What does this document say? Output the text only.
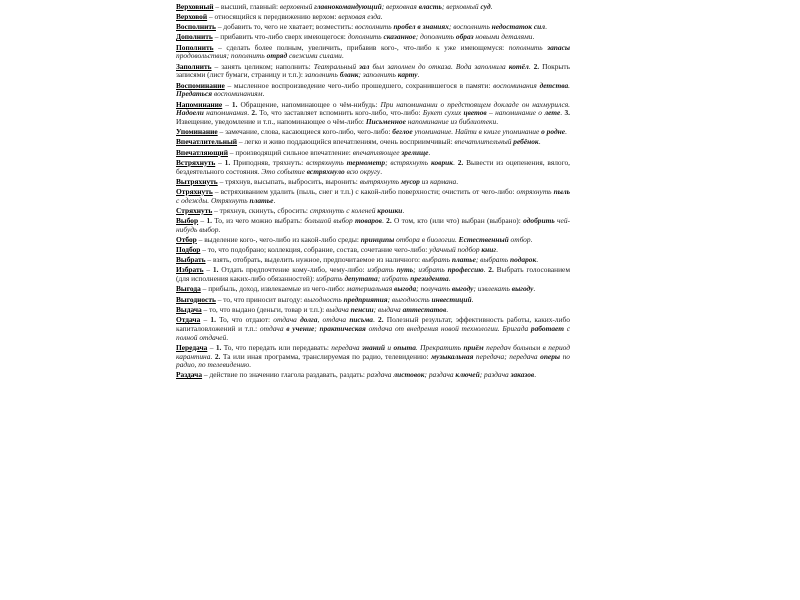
Верховный – высший, главный: верховный главнокомандующий; верховная власть; верховный суд.

Верховой – относящийся к передвижению верхом: верховая езда.

Восполнить – добавить то, чего не хватает; возместить: восполнить пробел в знаниях; восполнить недостаток сил.

Дополнить – прибавить что-либо сверх имеющегося: дополнить сказанное; дополнить образ новыми деталями.

Пополнить – сделать более полным, увеличить, прибавив кого-, что-либо к уже имеющемуся: пополнить запасы продовольствия; пополнить отряд свежими силами.

Заполнить – занять целиком; наполнить: Театральный зал был заполнен до отказа. Вода заполнила котёл. 2. Покрыть записями (лист бумаги, страницу и т.п.): заполнить бланк; заполнить карту.

Воспоминание – мысленное воспроизведение чего-либо прошедшего, сохранившегося в памяти: воспоминания детства. Предаться воспоминаниям.

Напоминание – 1. Обращение, напоминающее о чём-нибудь: При напоминании о предстоящем докладе он нахмурился. Надоели напоминания. 2. То, что заставляет вспомнить кого-либо, что-либо: Букет сухих цветов – напоминание о лете. 3. Извещение, уведомление и т.п., напоминающее о чём-либо: Письменное напоминание из библиотеки.

Упоминание – замечание, слова, касающиеся кого-либо, чего-либо: беглое упоминание. Найти в книге упоминание о родне.

Впечатлительный – легко и живо поддающийся впечатлениям, очень восприимчивый: впечатлительный ребёнок.

Впечатляющий – производящий сильное впечатление: впечатляющее зрелище.

Встряхнуть – 1. Приподняв, тряхнуть: встряхнуть термометр; встряхнуть коврик. 2. Вывести из оцепенения, вялого, бездеятельного состояния. Это событие встряхнуло всю округу.

Вытряхнуть – тряхнув, высыпать, выбросить, выронить: вытряхнуть мусор из кармана.

Отряхнуть – встряхиванием удалить (пыль, снег и т.п.) с какой-либо поверхности; очистить от чего-либо: отряхнуть пыль с одежды. Отряхнуть платье.

Стряхнуть – тряхнув, скинуть, сбросить: стряхнуть с коленей крошки.

Выбор – 1. То, из чего можно выбрать: большой выбор товаров. 2. О том, кто (или что) выбран (выбрано): одобрить чей-нибудь выбор.

Отбор – выделение кого-, чего-либо из какой-либо среды: принципы отбора в биологии. Естественный отбор.

Подбор – то, что подобрано; коллекция, собрание, состав, сочетание чего-либо: удачный подбор книг.

Выбрать – взять, отобрать, выделить нужное, предпочитаемое из наличного: выбрать платье; выбрать подарок.

Избрать – 1. Отдать предпочтение кому-либо, чему-либо: избрать путь; избрать профессию. 2. Выбрать голосованием (для исполнения каких-либо обязанностей): избрать депутата; избрать президента.

Выгода – прибыль, доход, извлекаемые из чего-либо: материальная выгода; получать выгоду; извлекать выгоду.

Выгодность – то, что приносит выгоду: выгодность предприятия; выгодность инвестиций.

Выдача – то, что выдано (деньги, товар и т.п.): выдача пенсии; выдача аттестатов.

Отдача – 1. То, что отдают: отдача долга, отдача письма. 2. Полезный результат, эффективность работы, каких-либо капиталовложений и т.п.: отдача в учение; практическая отдача от внедрения новой технологии. Бригада работает с полной отдачей.

Передача – 1. То, что передать или передавать: передача знаний и опыта. Прекратить приём передач больным в период карантина. 2. Та или иная программа, транслируемая по радио, телевидению: музыкальная передача; передача оперы по радио, по телевидению.

Раздача – действие по значению глагола раздавать, раздать: раздача листовок; раздача ключей; раздача заказов.
